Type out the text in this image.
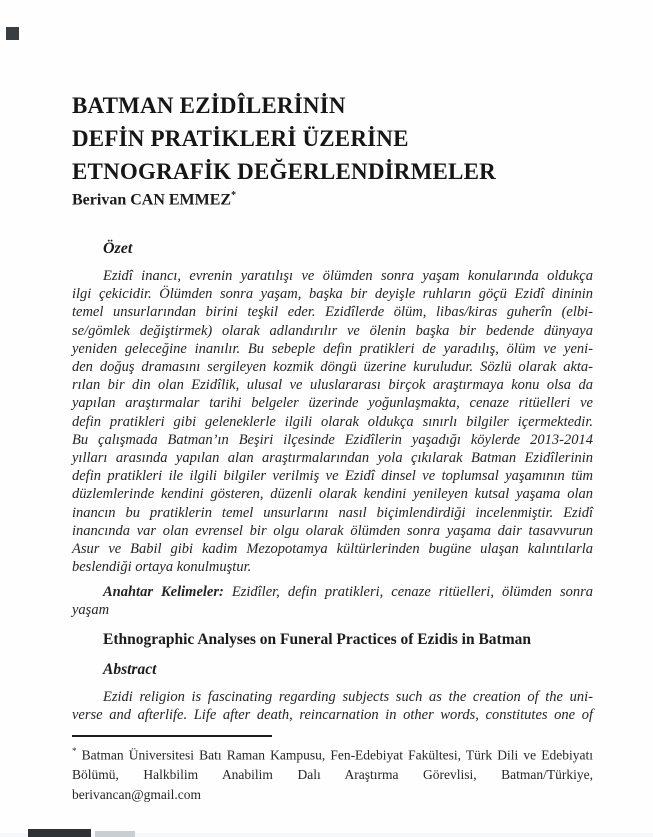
BATMAN EZİDÎLERİNİN
DEFİN PRATİKLERİ ÜZERİNE
ETNOGRAFİK DEĞERLENDİRMELER
Berivan CAN EMMEZ*
Özet
Ezidî inancı, evrenin yaratılışı ve ölümden sonra yaşam konularında oldukça
ilgi çekicidir. Ölümden sonra yaşam, başka bir deyişle ruhların göçü Ezidî dininin
temel unsurlarından birini teşkil eder. Ezidîlerde ölüm, libas/kiras guherîn (elbi-
se/gömlek değiştirmek) olarak adlandırılır ve ölenin başka bir bedende dünyaya
yeniden geleceğine inanılır. Bu sebeple defin pratikleri de yaradılış, ölüm ve yeni-
den doğuş dramasını sergileyen kozmik döngü üzerine kuruludur. Sözlü olarak akta-
rılan bir din olan Ezidîlik, ulusal ve uluslararası birçok araştırmaya konu olsa da
yapılan araştırmalar tarihi belgeler üzerinde yoğunlaşmakta, cenaze ritüelleri ve
defin pratikleri gibi geleneklerle ilgili olarak oldukça sınırlı bilgiler içermektedir.
Bu çalışmada Batman’ın Beşiri ilçesinde Ezidîlerin yaşadığı köylerde 2013-2014
yılları arasında yapılan alan araştırmalarından yola çıkılarak Batman Ezidîlerinin
defin pratikleri ile ilgili bilgiler verilmiş ve Ezidî dinsel ve toplumsal yaşamının tüm
düzlemlerinde kendini gösteren, düzenli olarak kendini yenileyen kutsal yaşama olan
inancın bu pratiklerin temel unsurlarını nasıl biçimlendirdiği incelenmiştir. Ezidî
inancında var olan evrensel bir olgu olarak ölümden sonra yaşama dair tasavvurun
Asur ve Babil gibi kadim Mezopotamya kültürlerinden bugüne ulaşan kalıntılarla
beslendiği ortaya konulmuştur.
Anahtar Kelimeler: Ezidîler, defin pratikleri, cenaze ritüelleri, ölümden sonra
yaşam
Ethnographic Analyses on Funeral Practices of Ezidis in Batman
Abstract
Ezidi religion is fascinating regarding subjects such as the creation of the uni-
verse and afterlife. Life after death, reincarnation in other words, constitutes one of
* Batman Üniversitesi Batı Raman Kampusu, Fen-Edebiyat Fakültesi, Türk Dili ve Edebiyatı
Bölümü, Halkbilim Anabilim Dalı Araştırma Görevlisi, Batman/Türkiye, berivancan@gmail.com
